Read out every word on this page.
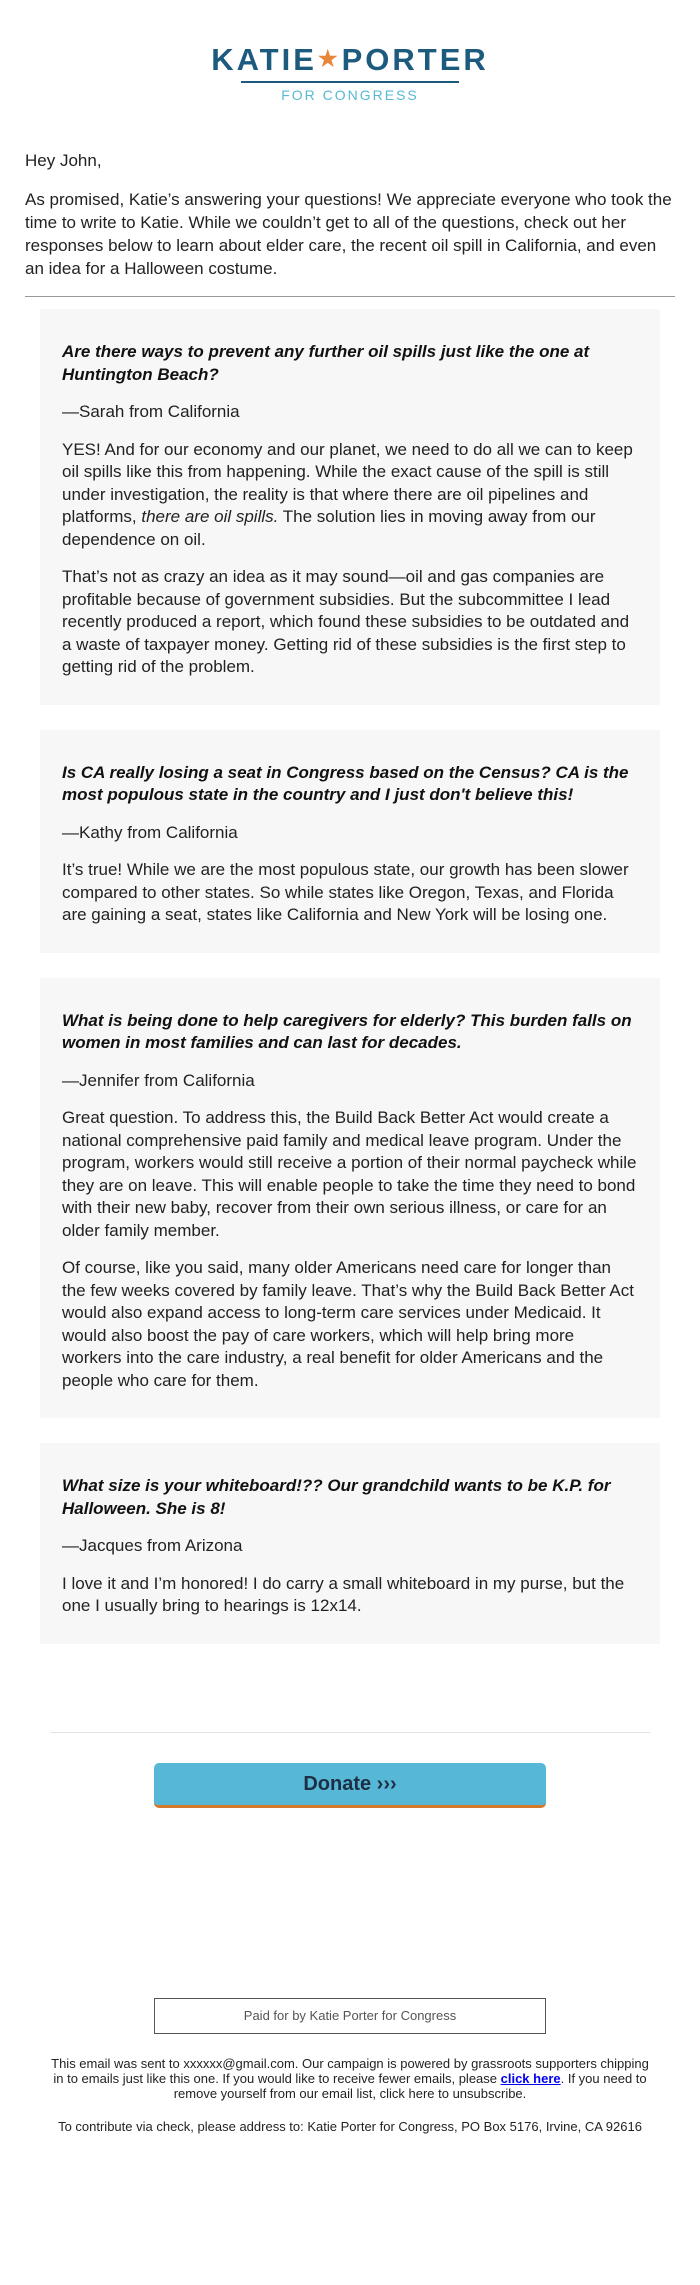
KATIE★PORTER
FOR CONGRESS

Hey John,

As promised, Katie’s answering your questions! We appreciate everyone who took the time to write to Katie. While we couldn’t get to all of the questions, check out her responses below to learn about elder care, the recent oil spill in California, and even an idea for a Halloween costume.

Are there ways to prevent any further oil spills just like the one at Huntington Beach?

—Sarah from California

YES! And for our economy and our planet, we need to do all we can to keep oil spills like this from happening. While the exact cause of the spill is still under investigation, the reality is that where there are oil pipelines and platforms, there are oil spills. The solution lies in moving away from our dependence on oil.

That’s not as crazy an idea as it may sound—oil and gas companies are profitable because of government subsidies. But the subcommittee I lead recently produced a report, which found these subsidies to be outdated and a waste of taxpayer money. Getting rid of these subsidies is the first step to getting rid of the problem.

Is CA really losing a seat in Congress based on the Census? CA is the most populous state in the country and I just don't believe this!

—Kathy from California

It’s true! While we are the most populous state, our growth has been slower compared to other states. So while states like Oregon, Texas, and Florida are gaining a seat, states like California and New York will be losing one.

What is being done to help caregivers for elderly? This burden falls on women in most families and can last for decades.

—Jennifer from California

Great question. To address this, the Build Back Better Act would create a national comprehensive paid family and medical leave program. Under the program, workers would still receive a portion of their normal paycheck while they are on leave. This will enable people to take the time they need to bond with their new baby, recover from their own serious illness, or care for an older family member.

Of course, like you said, many older Americans need care for longer than the few weeks covered by family leave. That’s why the Build Back Better Act would also expand access to long-term care services under Medicaid. It would also boost the pay of care workers, which will help bring more workers into the care industry, a real benefit for older Americans and the people who care for them.

What size is your whiteboard!?? Our grandchild wants to be K.P. for Halloween. She is 8!

—Jacques from Arizona

I love it and I’m honored! I do carry a small whiteboard in my purse, but the one I usually bring to hearings is 12x14.

Donate ›››
Paid for by Katie Porter for Congress

This email was sent to xxxxxx@gmail.com. Our campaign is powered by grassroots supporters chipping in to emails just like this one. If you would like to receive fewer emails, please click here. If you need to remove yourself from our email list, click here to unsubscribe.

To contribute via check, please address to: Katie Porter for Congress, PO Box 5176, Irvine, CA 92616
